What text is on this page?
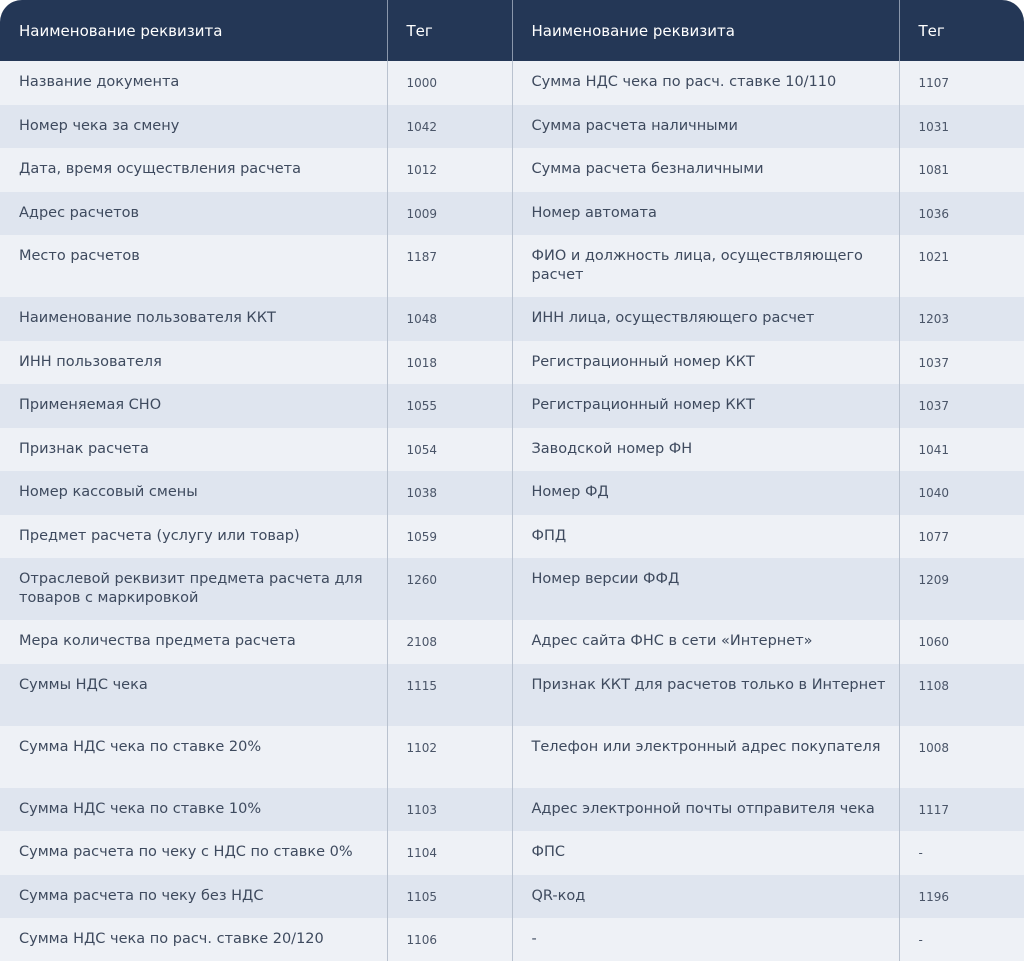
Наименование реквизита	Тег	Наименование реквизита	Тег
Название документа	1000	Сумма НДС чека по расч. ставке 10/110	1107
Номер чека за смену	1042	Сумма расчета наличными	1031
Дата, время осуществления расчета	1012	Сумма расчета безналичными	1081
Адрес расчетов	1009	Номер автомата	1036
Место расчетов	1187	ФИО и должность лица, осуществляющего расчет	1021
Наименование пользователя ККТ	1048	ИНН лица, осуществляющего расчет	1203
ИНН пользователя	1018	Регистрационный номер ККТ	1037
Применяемая СНО	1055	Регистрационный номер ККТ	1037
Признак расчета	1054	Заводской номер ФН	1041
Номер кассовый смены	1038	Номер ФД	1040
Предмет расчета (услугу или товар)	1059	ФПД	1077
Отраслевой реквизит предмета расчета для товаров с маркировкой	1260	Номер версии ФФД	1209
Мера количества предмета расчета	2108	Адрес сайта ФНС в сети «Интернет»	1060
Суммы НДС чека	1115	Признак ККТ для расчетов только в Интернет	1108
Сумма НДС чека по ставке 20%	1102	Телефон или электронный адрес покупателя	1008
Сумма НДС чека по ставке 10%	1103	Адрес электронной почты отправителя чека	1117
Сумма расчета по чеку с НДС по ставке 0%	1104	ФПС	-
Сумма расчета по чеку без НДС	1105	QR-код	1196
Сумма НДС чека по расч. ставке 20/120	1106	-	-
